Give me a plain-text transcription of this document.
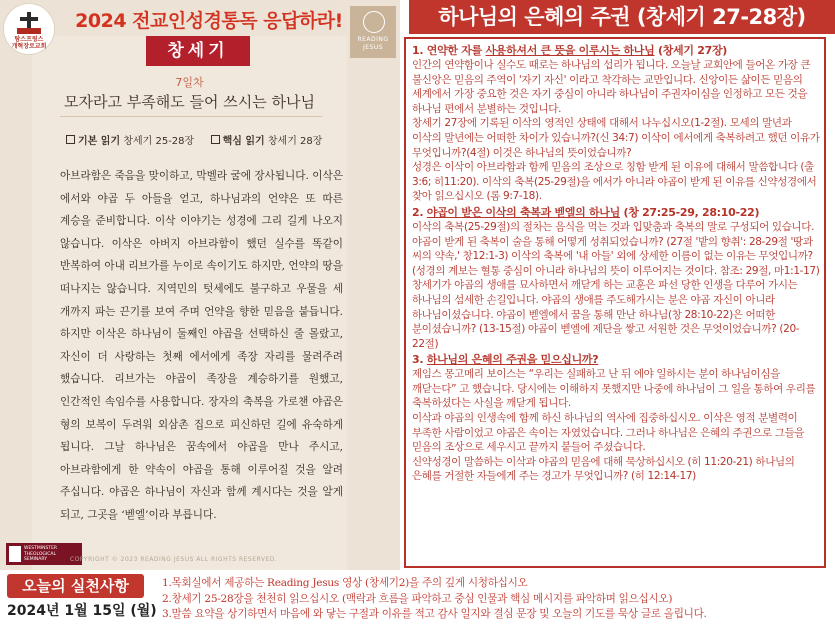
탐스프링스
개혁장로교회
2024 전교인성경통독 응답하라!
READING
JESUS
창세기
7일차
모자라고 부족해도 들어 쓰시는 하나님
기본 읽기 창세기 25-28장	핵심 읽기 창세기 28장
아브라함은 죽음을 맞이하고, 막벨라 굴에 장사됩니다. 이삭은 에서와 야곱 두 아들을 얻고, 하나님과의 언약은 또 따른 계승을 준비합니다. 이삭 이야기는 성경에 그리 길게 나오지 않습니다. 이삭은 아버지 아브라함이 했던 실수를 똑같이 반복하여 아내 리브가를 누이로 속이기도 하지만, 언약의 땅을 떠나지는 않습니다. 지역민의 텃세에도 불구하고 우물을 세 개까지 파는 끈기를 보여 주며 언약을 향한 믿음을 붙듭니다. 하지만 이삭은 하나님이 둘째인 야곱을 선택하신 줄 몰랐고, 자신이 더 사랑하는 첫째 에서에게 족장 자리를 물려주려 했습니다. 리브가는 야곱이 족장을 계승하기를 원했고, 인간적인 속임수를 사용합니다. 장자의 축복을 가로챈 야곱은 형의 보복이 두려워 외삼촌 집으로 피신하던 길에 유숙하게 됩니다. 그날 하나님은 꿈속에서 야곱을 만나 주시고, 아브라함에게 한 약속이 야곱을 통해 이루어질 것을 알려 주십니다. 야곱은 하나님이 자신과 함께 계시다는 것을 알게 되고, 그곳을 ‘벧엘’이라 부릅니다.
WESTMINSTER
THEOLOGICAL
SEMINARY	COPYRIGHT © 2023 READING JESUS ALL RIGHTS RESERVED.
하나님의 은혜의 주권 (창세기 27-28장)
1. 연약한 자를 사용하셔서 큰 뜻을 이루시는 하나님 (창세기 27장)
인간의 연약함이나 실수도 때로는 하나님의 섭리가 됩니다. 오늘날 교회안에 들어온 가장 큰 불신앙은 믿음의 주역이 '자기 자신' 이라고 착각하는 교만입니다. 신앙이든 삶이든 믿음의 세계에서 가장 중요한 것은 자기 중심이 아니라 하나님이 주권자이심을 인정하고 모든 것을 하나님 편에서 분별하는 것입니다.
창세기 27장에 기록된 이삭의 영적인 상태에 대해서 나누십시오(1-2절). 모세의 말년과 이삭의 말년에는 어떠한 차이가 있습니까?(신 34:7) 이삭이 에서에게 축복하려고 했던 이유가 무엇입니까?(4절) 이것은 하나님의 뜻이었습니까?
성경은 이삭이 아브라함과 함께 믿음의 조상으로 칭함 받게 된 이유에 대해서 말씀합니다 (출 3:6; 히11:20). 이삭의 축복(25-29절)을 에서가 아니라 야곱이 받게 된 이유를 신약성경에서 찾아 읽으십시오 (롬 9:7-18).
2. 야곱이 받은 이삭의 축복과 벧엘의 하나님 (창 27:25-29, 28:10-22)
이삭의 축복(25-29절)의 절차는 음식을 먹는 것과 입맞춤과 축복의 말로 구성되어 있습니다. 야곱이 받게 된 축복이 술을 통해 어떻게 성취되었습니까? (27절 '밭의 향취': 28-29절 '땅과 씨의 약속,' 창12:1-3) 이삭의 축복에 '내 아들' 외에 상세한 이름이 없는 이유는 무엇입니까? (성경의 계보는 혈통 중심이 아니라 하나님의 뜻이 이루어지는 것이다. 참조: 29절, 마1:1-17)
창세기가 야곱의 생애를 묘사하면서 깨닫게 하는 교훈은 파선 당한 인생을 다루어 가시는 하나님의 섬세한 손길입니다. 야곱의 생애를 주도해가시는 분은 야곱 자신이 아니라 하나님이셨습니다. 야곱이 벧엘에서 꿈을 통해 만난 하나님(창 28:10-22)은 어떠한 분이셨습니까? (13-15절) 야곱이 벧엘에 제단을 쌓고 서원한 것은 무엇이었습니까? (20-22절)
3. 하나님의 은혜의 주권을 믿으십니까?
제임스 몽고메리 보이스는 “우리는 실패하고 난 뒤 에야 일하시는 분이 하나님이심을 깨닫는다” 고 했습니다. 당시에는 이해하지 못했지만 나중에 하나님이 그 일을 통하여 우리를 축복하셨다는 사실을 깨닫게 됩니다.
이삭과 야곱의 인생속에 함께 하신 하나님의 역사에 집중하십시오. 이삭은 영적 분별력이 부족한 사람이었고 야곱은 속이는 자였었습니다. 그러나 하나님은 은혜의 주권으로 그들을 믿음의 조상으로 세우시고 끝까지 붙들어 주셨습니다.
신약성경이 말씀하는 이삭과 야곱의 믿음에 대해 묵상하십시오 (히 11:20-21) 하나님의 은혜를 거절한 자들에게 주는 경고가 무엇입니까? (히 12:14-17)
오늘의 실천사항
2024년 1월 15일 (월)
1.목회실에서 제공하는 Reading Jesus 영상 (창세기2)을 주의 깊게 시청하십시오
2.창세기 25-28장을 천천히 읽으십시오 (맥락과 흐름을 파악하고 중심 인물과 핵심 메시지를 파악하며 읽으십시오)
3.말씀 요약을 상기하면서 마음에 와 닿는 구절과 이유를 적고 감사 일지와 결심 문장 및 오늘의 기도를 묵상 글로 올립니다.
